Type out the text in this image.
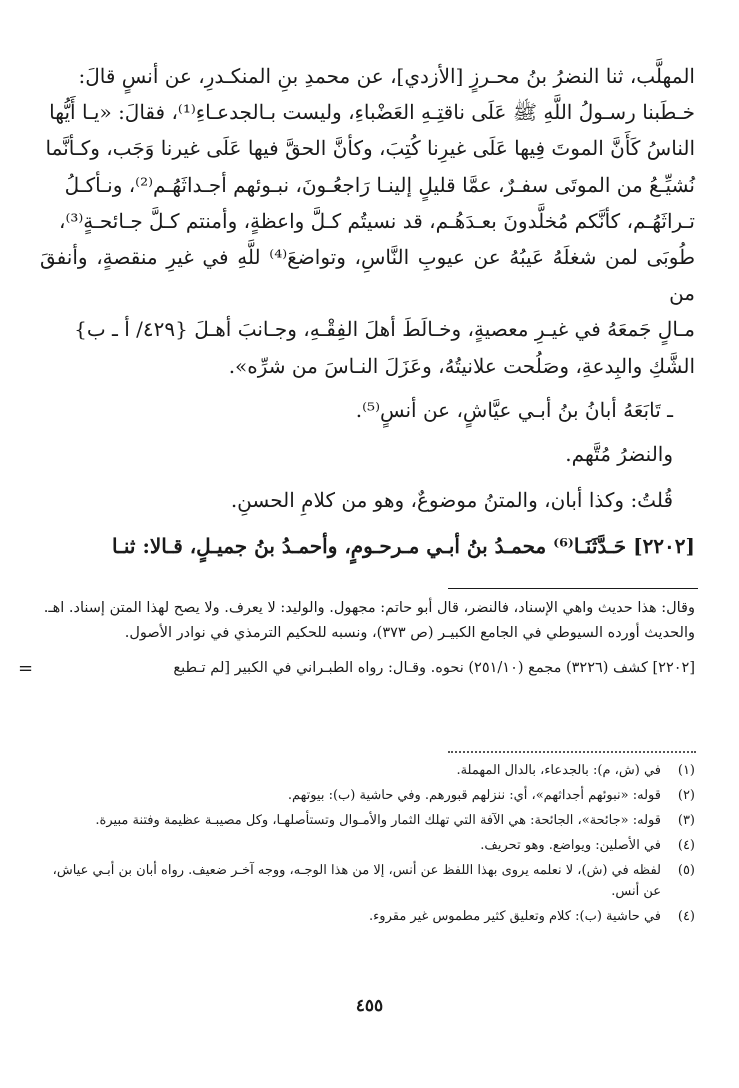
المهلَّب، ثنا النضرُ بنُ محـرزٍ [الأزدي]، عن محمدِ بنِ المنكـدرِ، عن أنسٍ قالَ:

خـطَبنا رسـولُ اللَّهِ ﷺ عَلَى ناقتِـهِ العَضْباءِ، وليست بـالجدعـاءِ⁽¹⁾، فقالَ: «يـا أَيُّها

الناسُ كَأَنَّ الموتَ فِيها عَلَى غيرِنا كُتِبَ، وكأنَّ الحقَّ فيها عَلَى غيرنا وَجَب، وكـأنَّما

نُشيِّـعُ من الموتَى سفـرٌ، عمَّا قليلٍ إلينـا رَاجعُـونَ، نبـوئهم أجـداثَهُـم⁽²⁾، ونـأكـلُ

تـراثَهُـم، كأنَّكم مُخلَّدونَ بعـدَهُـم، قد نسيتُم كـلَّ واعظةٍ، وأمنتم كـلَّ جـائحـةٍ⁽³⁾،

طُوبَى لمن شغلَهُ عَيبُهُ عن عيوبِ النَّاسِ، وتواضعَ⁽⁴⁾ للَّهِ في غيرِ منقصةٍ، وأنفقَ من

مـالٍ جَمعَهُ في غيـرِ معصيةٍ، وخـالَطَ أهلَ الفِقْـهِ، وجـانبَ أهـلَ {٤٢٩/ أ ـ ب}

الشَّكِ والبِدعةِ، وصَلُحت علانيتُهُ، وعَزَلَ النـاسَ من شرِّه».

ـ تَابَعَهُ أبانُ بنُ أبـي عيَّاشٍ، عن أنسٍ⁽⁵⁾.

والنضرُ مُتَّهم.

قُلتُ: وكذا أبان، والمتنُ موضوعٌ، وهو من كلامِ الحسنِ.

[٢٢٠٢] حَـدَّثَنَـا⁽⁶⁾ محمـدُ بنُ أبـي مـرحـومٍ، وأحمـدُ بنُ جميـلٍ، قـالا: ثنـا

وقال: هذا حديث واهي الإسناد، فالنضر، قال أبو حاتم: مجهول. والوليد: لا يعرف. ولا يصح لهذا المتن إسناد. اهـ. والحديث أورده السيوطي في الجامع الكبيـر (ص ٣٧٣)، ونسبه للحكيم الترمذي في نوادر الأصول.

[٢٢٠٢] كشف (٣٢٢٦) مجمع (٢٥١/١٠) نحوه. وقـال: رواه الطبـراني في الكبير [لم تـطبع
=

(١)
في (ش، م): بالجدعاء، بالدال المهملة.
(٢)
قوله: «نبوئهم أجداثهم»، أي: ننزلهم قبورهم. وفي حاشية (ب): بيوتهم.
(٣)
قوله: «جائحة»، الجائحة: هي الآفة التي تهلك الثمار والأمـوال وتستأصلهـا، وكل مصيبـة عظيمة وفتنة مبيرة.
(٤)
في الأصلين: ويواضع. وهو تحريف.
(٥)
لفظه في (ش)، لا نعلمه يروى بهذا اللفظ عن أنس، إلا من هذا الوجـه، ووجه آخـر ضعيف. رواه أبان بن أبـي عياش، عن أنس.
(٤)
في حاشية (ب): كلام وتعليق كثير مطموس غير مقروء.
٤٥٥
